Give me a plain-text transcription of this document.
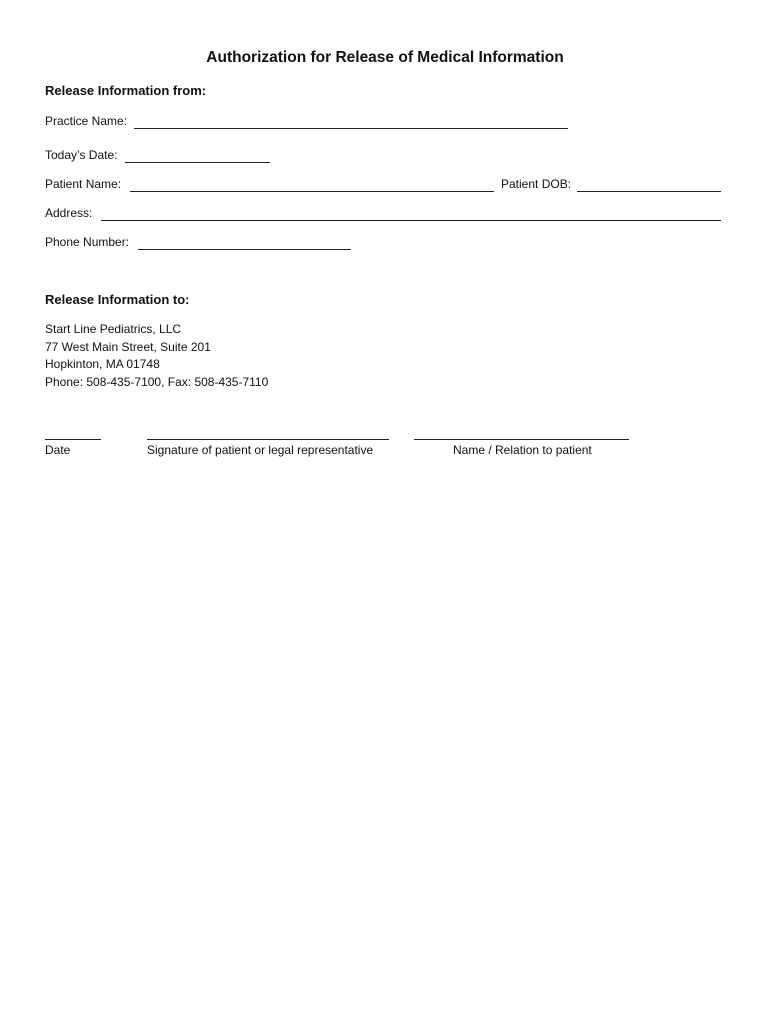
Authorization for Release of Medical Information
Release Information from:
Practice Name:
Today’s Date:
Patient Name:	Patient DOB:
Address:
Phone Number:
Release Information to:
Start Line Pediatrics, LLC
77 West Main Street, Suite 201
Hopkinton, MA 01748
Phone: 508-435-7100, Fax: 508-435-7110
Date	Signature of patient or legal representative	Name / Relation to patient
